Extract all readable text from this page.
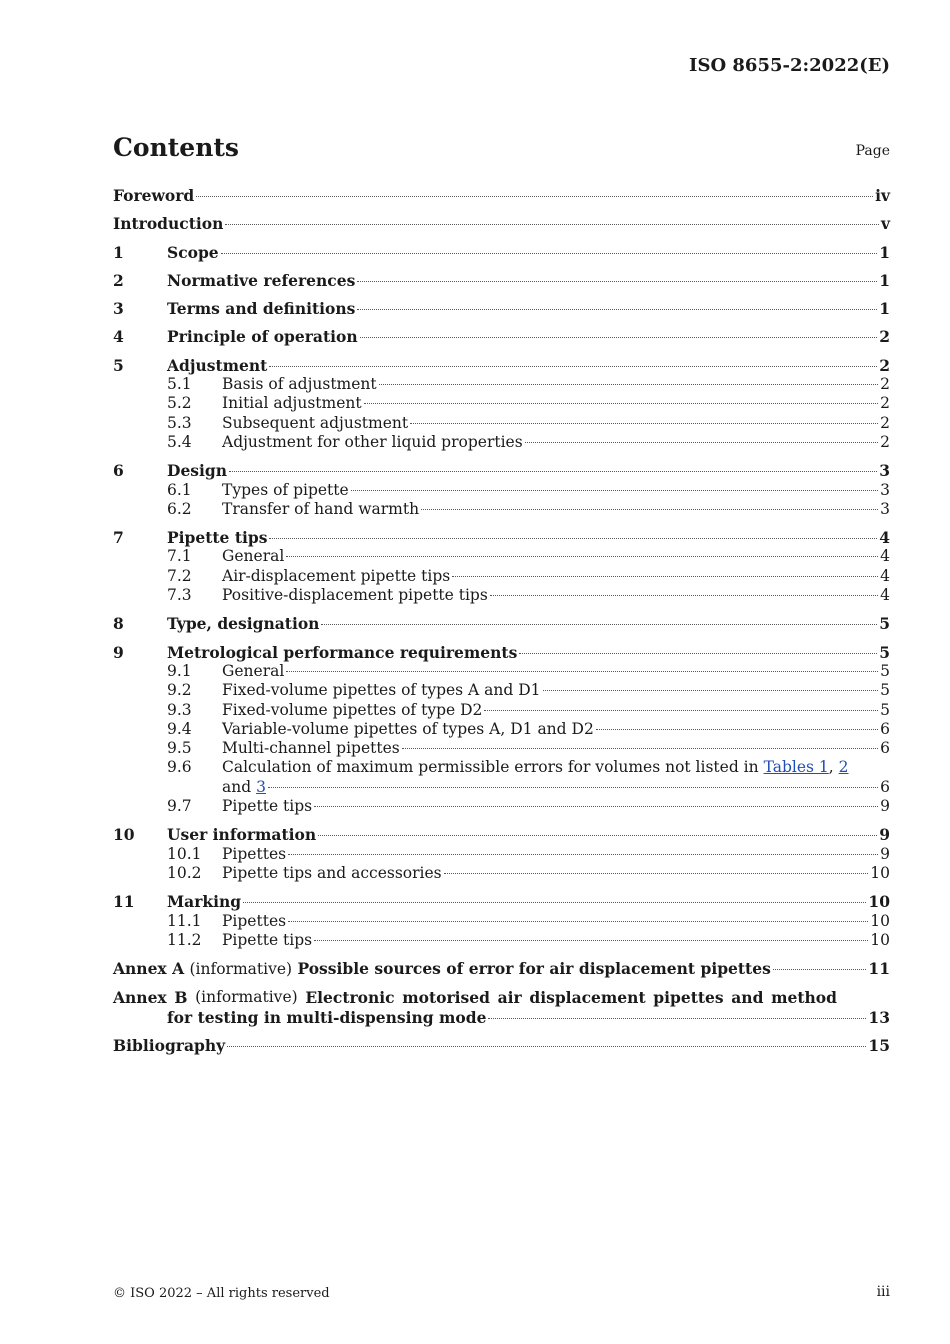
ISO 8655-2:2022(E)
Contents	Page
Foreword	iv
Introduction	v
1	Scope	1
2	Normative references	1
3	Terms and definitions	1
4	Principle of operation	2
5	Adjustment	2
5.1	Basis of adjustment	2
5.2	Initial adjustment	2
5.3	Subsequent adjustment	2
5.4	Adjustment for other liquid properties	2
6	Design	3
6.1	Types of pipette	3
6.2	Transfer of hand warmth	3
7	Pipette tips	4
7.1	General	4
7.2	Air-displacement pipette tips	4
7.3	Positive-displacement pipette tips	4
8	Type, designation	5
9	Metrological performance requirements	5
9.1	General	5
9.2	Fixed-volume pipettes of types A and D1	5
9.3	Fixed-volume pipettes of type D2	5
9.4	Variable-volume pipettes of types A, D1 and D2	6
9.5	Multi-channel pipettes	6
9.6	Calculation of maximum permissible errors for volumes not listed in Tables 1, 2
and 3	6
9.7	Pipette tips	9
10	User information	9
10.1	Pipettes	9
10.2	Pipette tips and accessories	10
11	Marking	10
11.1	Pipettes	10
11.2	Pipette tips	10
Annex A (informative) Possible sources of error for air displacement pipettes	11
Annex B (informative) Electronic motorised air displacement pipettes and method
for testing in multi-dispensing mode	13
Bibliography	15
© ISO 2022 – All rights reserved	iii
